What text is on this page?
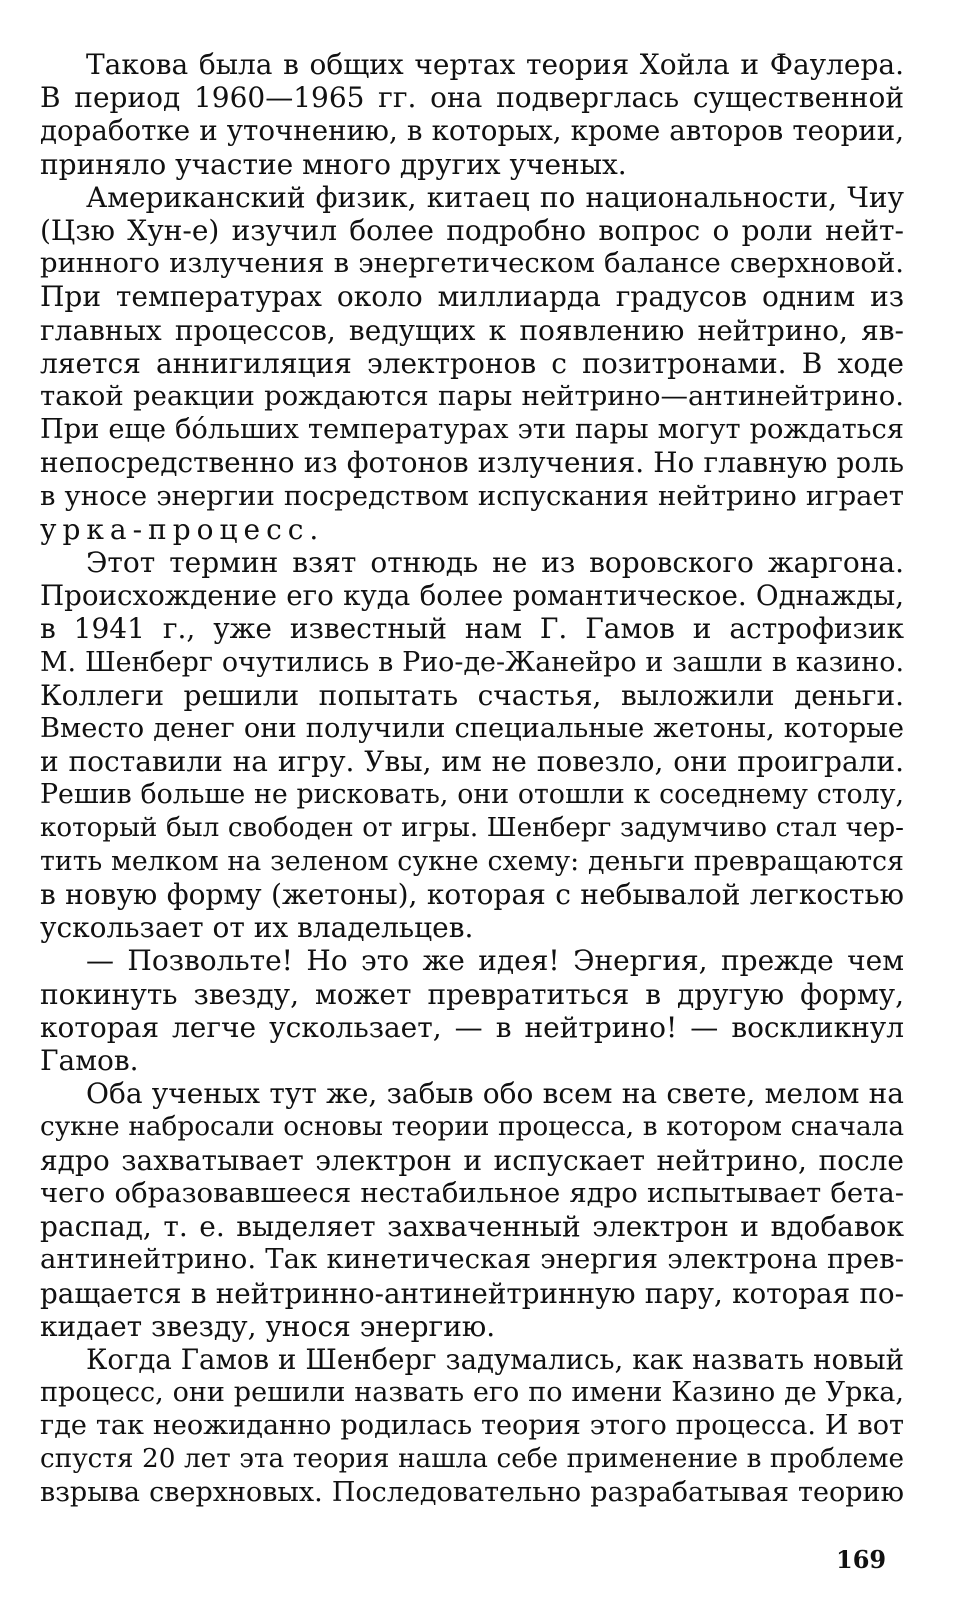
Такова была в общих чертах теория Хойла и Фаулера.
В период 1960—1965 гг. она подверглась существенной
доработке и уточнению, в которых, кроме авторов теории,
приняло участие много других ученых.
Американский физик, китаец по национальности, Чиу
(Цзю Хун-е) изучил более подробно вопрос о роли нейт-
ринного излучения в энергетическом балансе сверхновой.
При температурах около миллиарда градусов одним из
главных процессов, ведущих к появлению нейтрино, яв-
ляется аннигиляция электронов с позитронами. В ходе
такой реакции рождаются пары нейтрино—антинейтрино.
При еще бо́льших температурах эти пары могут рождаться
непосредственно из фотонов излучения. Но главную роль
в уносе энергии посредством испускания нейтрино играет
урка-процесс.
Этот термин взят отнюдь не из воровского жаргона.
Происхождение его куда более романтическое. Однажды,
в 1941 г., уже известный нам Г. Гамов и астрофизик
М. Шенберг очутились в Рио-де-Жанейро и зашли в казино.
Коллеги решили попытать счастья, выложили деньги.
Вместо денег они получили специальные жетоны, которые
и поставили на игру. Увы, им не повезло, они проиграли.
Решив больше не рисковать, они отошли к соседнему столу,
который был свободен от игры. Шенберг задумчиво стал чер-
тить мелком на зеленом сукне схему: деньги превращаются
в новую форму (жетоны), которая с небывалой легкостью
ускользает от их владельцев.
— Позвольте! Но это же идея! Энергия, прежде чем
покинуть звезду, может превратиться в другую форму,
которая легче ускользает, — в нейтрино! — воскликнул
Гамов.
Оба ученых тут же, забыв обо всем на свете, мелом на
сукне набросали основы теории процесса, в котором сначала
ядро захватывает электрон и испускает нейтрино, после
чего образовавшееся нестабильное ядро испытывает бета-
распад, т. е. выделяет захваченный электрон и вдобавок
антинейтрино. Так кинетическая энергия электрона прев-
ращается в нейтринно-антинейтринную пару, которая по-
кидает звезду, унося энергию.
Когда Гамов и Шенберг задумались, как назвать новый
процесс, они решили назвать его по имени Казино де Урка,
где так неожиданно родилась теория этого процесса. И вот
спустя 20 лет эта теория нашла себе применение в проблеме
взрыва сверхновых. Последовательно разрабатывая теорию
169
